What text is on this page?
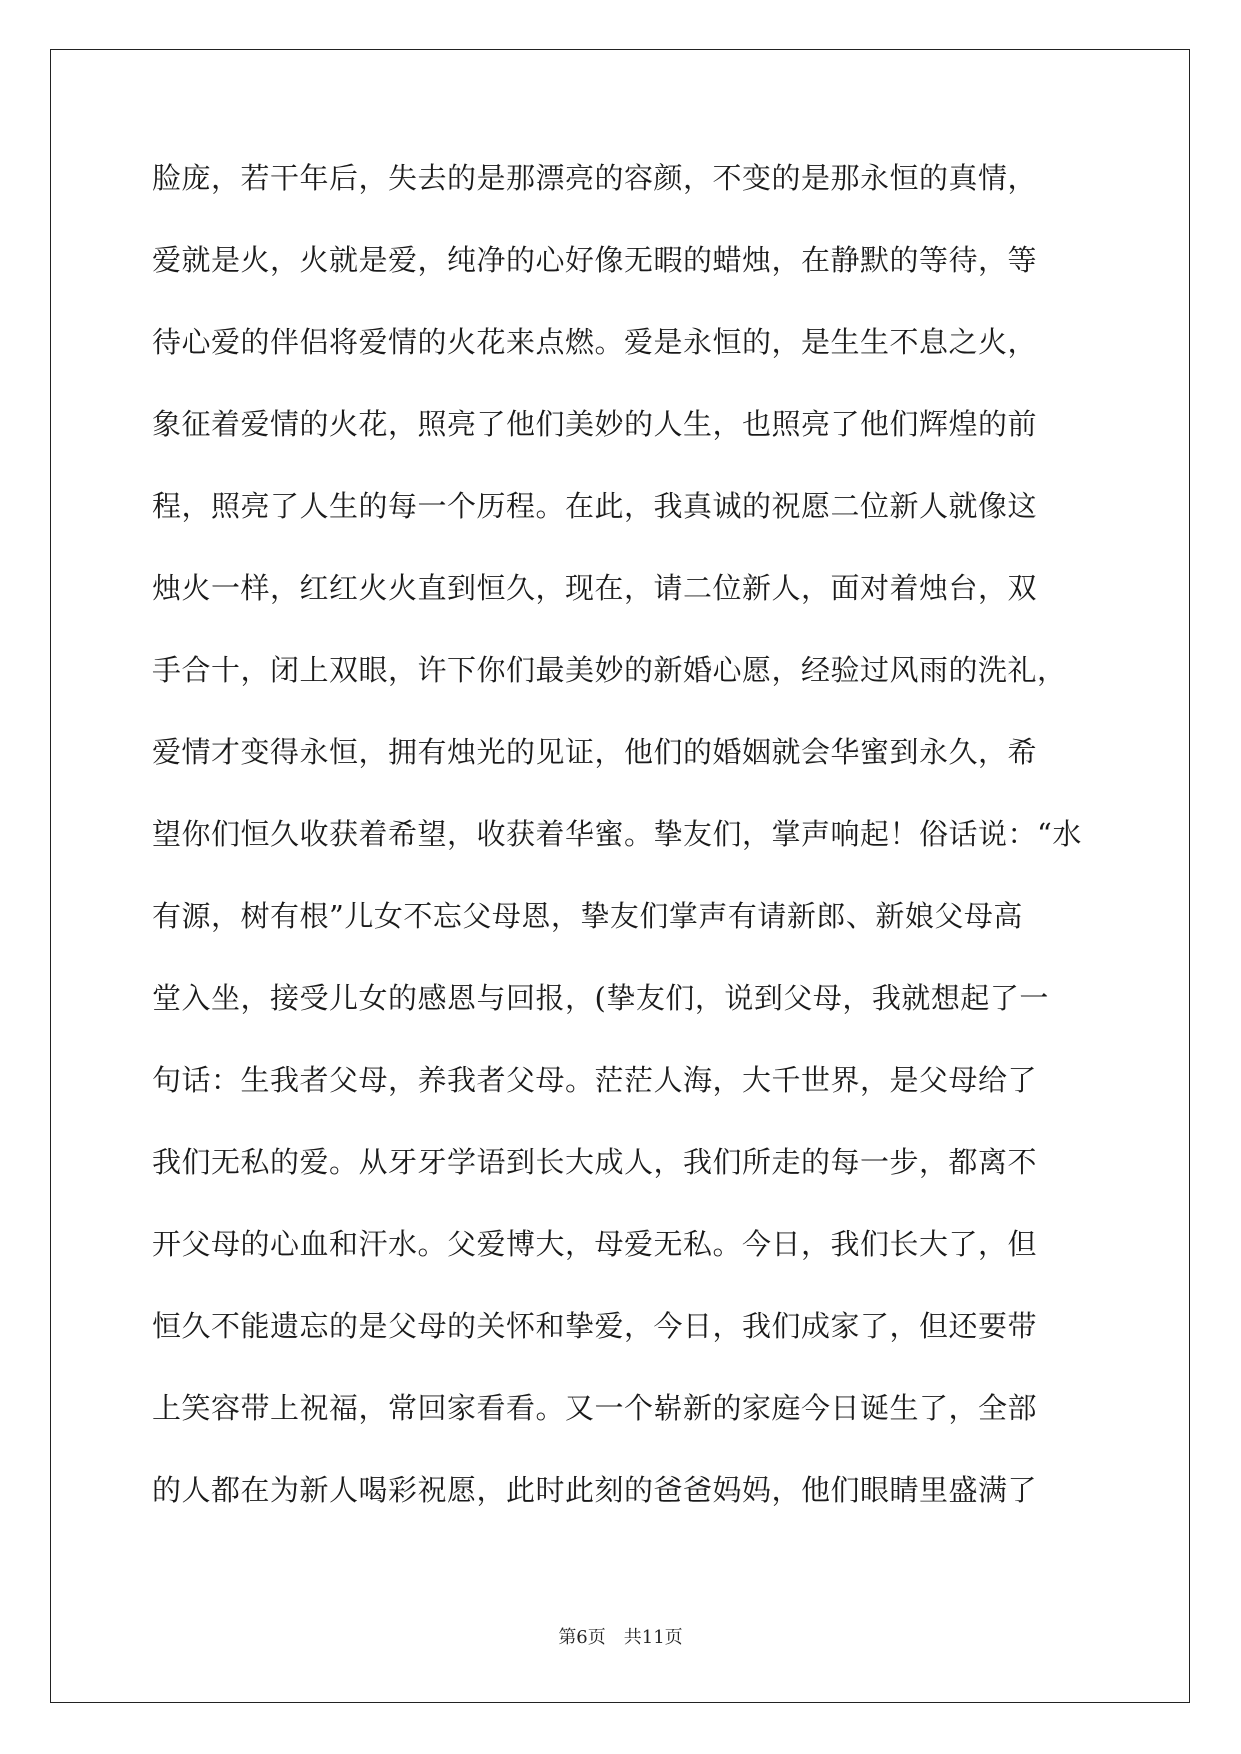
脸庞，若干年后，失去的是那漂亮的容颜，不变的是那永恒的真情，
爱就是火，火就是爱，纯净的心好像无暇的蜡烛，在静默的等待，等
待心爱的伴侣将爱情的火花来点燃。爱是永恒的，是生生不息之火，
象征着爱情的火花，照亮了他们美妙的人生，也照亮了他们辉煌的前
程，照亮了人生的每一个历程。在此，我真诚的祝愿二位新人就像这
烛火一样，红红火火直到恒久，现在，请二位新人，面对着烛台，双
手合十，闭上双眼，许下你们最美妙的新婚心愿，经验过风雨的洗礼，
爱情才变得永恒，拥有烛光的见证，他们的婚姻就会华蜜到永久，希
望你们恒久收获着希望，收获着华蜜。挚友们，掌声响起！俗话说：“水
有源，树有根”儿女不忘父母恩，挚友们掌声有请新郎、新娘父母高
堂入坐，接受儿女的感恩与回报，(挚友们，说到父母，我就想起了一
句话：生我者父母，养我者父母。茫茫人海，大千世界，是父母给了
我们无私的爱。从牙牙学语到长大成人，我们所走的每一步，都离不
开父母的心血和汗水。父爱博大，母爱无私。今日，我们长大了，但
恒久不能遗忘的是父母的关怀和挚爱，今日，我们成家了，但还要带
上笑容带上祝福，常回家看看。又一个崭新的家庭今日诞生了，全部
的人都在为新人喝彩祝愿，此时此刻的爸爸妈妈，他们眼睛里盛满了
第6页 共11页
